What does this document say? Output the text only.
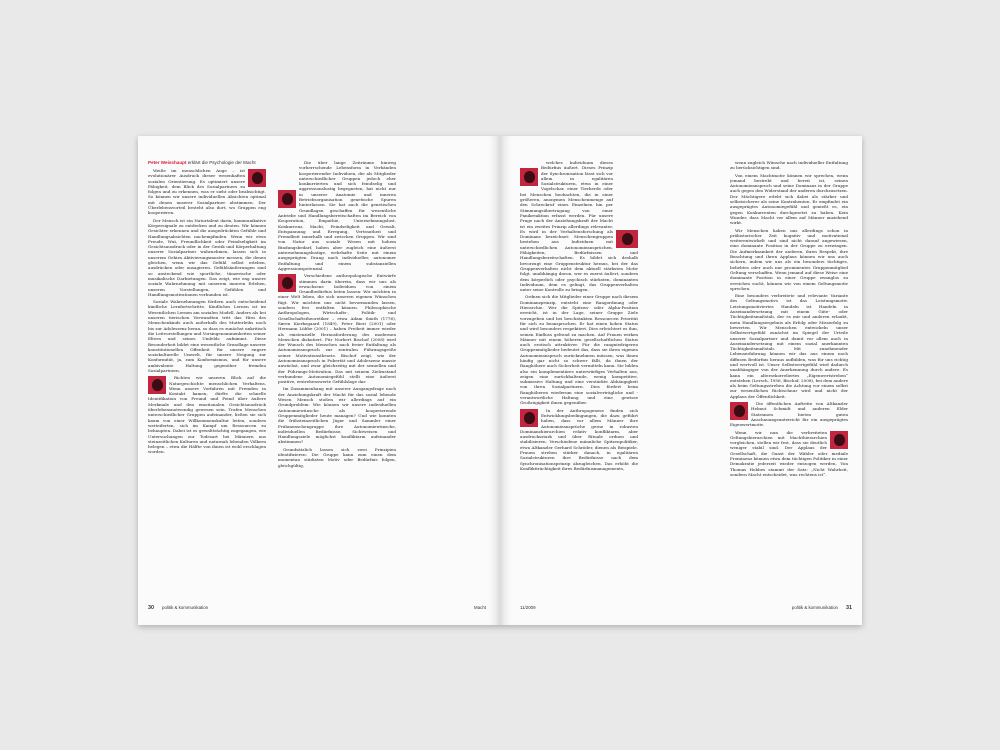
Peter Weisshaupt erklärt die Psychologie der Macht

Weiße im menschlichen Auge – ist evolutionärer Ausdruck dieser wesenhaften sozialen Orientierung. Es optimiert unsere Fähigkeit, dem Blick des Sozialpartners zu folgen und zu erkennen, was er sieht oder beabsichtigt. So können wir unsere individuellen Absichten optimal mit denen unserer Sozialpartner abstimmen. Der Überlebensvorteil besteht also dort, wo Gruppen eng kooperieren.

Der Mensch ist ein Naturtalent darin, kommunikative Körpersignale zu entdecken und zu deuten. Wir können Gesichter erkennen und die ausgedrückten Gefühle und Handlungsabsichten nachempfinden. Wenn wir etwa Freude, Wut, Freundlichkeit oder Feindseligkeit im Gesichtsausdruck oder in der Gestik und Körperhaltung unserer Sozialpartner wahrnehmen, lassen sich in unserem Gehirn Aktivierungsmuster messen, die denen gleichen, wenn wir das Gefühl selbst erleben, ausdrücken oder ausagieren. Gefühlsäußerungen sind so ansteckend wie sportliche, tänzerische oder musikalische Darbietungen. Das zeigt, wie eng unsere soziale Wahrnehmung mit unserem inneren Erleben, unseren Vorstellungen, Gefühlen und Handlungsmotivationen verbunden ist.

Soziale Wahrnehmungen fördern auch entscheidend kindliche Lernfortschritte. Kindliches Lernen ist im Wesentlichen Lernen am sozialen Modell. Anders als bei unseren tierischen Verwandten tritt das Hirn des Menschenkinds auch außerhalb des Mutterleibs noch bis zur Adoleszenz heran, so dass es zunächst unkritisch die Leitvorstellungen und Vorsingenommenheiten seiner Eltern und seines Umfelds aufnimmt. Diese Besonderheit bildet eine wesentliche Grundlage unserer konstitutionellen Offenheit für unsere engere soziokulturelle Umwelt, für unsere Neigung zur Konformität, ja, zum Konformismus, und für unsere ambivalente Haltung gegenüber fremden Sozialpartnern.

Richten wir unseren Blick auf die Naturgeschichte menschlichen Verhaltens. Wenn unsere Vorfahren mit Fremden in Kontakt kamen, dürfte die schnelle Identifikation von Freund und Feind über äußere Merkmale und den emotionalen Gesichtsausdruck überlebensnotwendig gewesen sein. Trafen Menschen unterschiedlicher Gruppen aufeinander, ließen sie sich kaum von einer Willkommenskultur leiten, sondern wetteiferten, sich im Kampf um Ressourcen zu behaupten. Dabei ist es gewaltträchtig zugegangen, wie Untersuchungen zur Todesart bei Männern aus steinzeitlichen Kulturen und naturnah lebenden Völkern belegen – etwa die Hälfte von ihnen ist wohl erschlagen worden.

Die über lange Zeiträume hinweg vorherrschende Lebensform in Verbänden kooperierender Individuen, die als Mitglieder unterschiedlicher Gruppen jedoch eher konkurrierten und sich feindselig und aggressionslustig begegneten, hat nicht nur in unserer Anatomie und inneren Betriebsorganisation genetische Spuren hinterlassen. Sie hat auch die genetischen Grundlagen geschaffen für wesentliche Antriebe und Handlungsbereitschaften im Bereich von Kooperation, Empathie, Unternehmungslust, Konkurrenz, Macht, Feindseligkeit und Gewalt, Entspannung und Erregung, Vertrautheit und Fremdheit innerhalb und zwischen Gruppen. Wir sind von Natur aus soziale Wesen mit hohem Bindungsbedarf, haben aber zugleich eine äußerst unternehmungslustige, wehrhafte Seite mit einem ausgeprägten Drang nach individueller, autonomer Entfaltung und einem substanziellen Aggressionspotenzial.

Verschiedene anthropologische Entwürfe stimmen darin überein, dass wir uns als erwachsene Individuen von einem Grundbedürfnis leiten lassen: Wir möchten in einer Welt leben, die sich unseren eigenen Wünschen fügt. Wir möchten uns nicht bevormunden lassen, sondern frei entfalten können. Philosophische Anthropologen, Wirtschafts-, Politik- und Gesellschaftstheoretiker – etwa Adam Smith (1776), Søren Kierkegaard (1849), Peter Bieri (2001) oder Hermann Lübbe (2001) – haben Freiheit immer wieder als existenzielle Herausforderung des modernen Menschen diskutiert. Für Norbert Bischof (2008) wird der Wunsch des Menschen nach freier Entfaltung als Autonomieanspruch zur zentralen Führungsgröße seiner Motivationstheorie. Bischof zeigt, wie der Autonomieanspruch in Pubertät und Adoleszenz massiv anwächst, und zwar gleichzeitig mit der sexuellen und der Führungs-Motivation. Das mit seinem Zielzustand verbundene Autonomiegefühl stellt eine äußerst positive, erstrebenswerte Gefühlslage dar.

Im Zusammenhang mit unserer Ausgangsfrage nach der Anziehungskraft der Macht für das sozial lebende Wesen Mensch stoßen wir allerdings auf ein Grundproblem: Wie können wir unsere individuellen Autonomiewünsche als kooperierende Gruppenmitglieder heute managen? Und wie konnten die frühsteinzeitlichen Jäger und Sammler einer Frühmenschengruppe ihre Autonomiewünsche, individuellen Bedürfnisse, Sichtweisen und Handlungsziele möglichst konfliktarm aufeinander abstimmen?

Grundsätzlich lassen sich zwei Prinzipien identifizieren: Die Gruppe kann zum einen dem momentan stärksten Motiv oder Bedürfnis folgen, gleichgültig,

30 politik & kommunikation	Macht

welches Individuum dieses Bedürfnis äußert. Dieses Prinzip der Synchronisation lässt sich vor allem in egalitären Sozialstrukturen, etwa in einer Vogelschar, einer Tierherde oder bei Menschen beobachten, die in einer größeren, anonymen Menschenmenge auf den Schreckruf eines Einzelnen hin per Stimmungsübertragung von einer Panikreaktion erfasst werden. Für unsere Frage nach der Anziehungskraft der Macht ist ein zweites Prinzip allerdings relevanter. Es wird in der Verhaltensforschung als Dominanz bezeichnet: Menschengruppen bestehen aus Individuen mit unterschiedlichen Autonomieansprüchen, Fähigkeiten, Bedürfnissen und Handlungsbereitschaften. Es bildet sich deshalb bevorzugt eine Gruppenstruktur heraus, bei der das Gruppenverhalten nicht dem aktuell stärksten Motiv folgt, unabhängig davon, wer es zuerst äußert, sondern dem körperlich oder psychisch stärksten, dominanten Individuum, dem es gelingt, das Gruppenverhalten unter seine Kontrolle zu bringen.

Ordnen sich die Mitglieder einer Gruppe nach diesem Dominanzprinzip, entsteht eine Rangordnung oder Hierarchie. Wer die Spitzen- oder Alpha-Position erreicht, ist in der Lage, seiner Gruppe Ziele vorzugeben und bei beschränkten Ressourcen Priorität für sich zu beanspruchen. Er hat einen hohen Status und wird besonders respektiert. Dies erleichtert es ihm, seinen Einfluss geltend zu machen. Auf Frauen wirken Männer mit einem höheren gesellschaftlichen Status auch erotisch attraktiver. Für die rangniedrigeren Gruppenmitglieder bedeutet das, dass sie ihren eigenen Autonomieanspruch zurücknehmen müssen, was ihnen häufig gar nicht so schwer fällt, da ihnen der Ranghöhere auch Sicherheit vermitteln kann. Sie bilden also ein komplementäres unterwürfiges Verhalten aus, zeigen eine zurückhaltende, wenig kompetitive, submissive Haltung und eine verstärkte Abhängigkeit von ihren Sozialpartnern. Dies fördert beim Ranghöheren wiederum eine sozialverträgliche und -verantwortliche Haltung und eine gewisse Großzügigkeit ihnen gegenüber.

In der Anthropogenese finden sich Entwicklungsbedingungen, die dazu geführt haben, dass vor allem Männer ihre Autonomieansprüche gerne in robusten Dominanzhierarchien relativ konfliktarm, aber ausdrucksstark und über Rituale ordnen und stabilisieren. Verschiedene männliche Spitzenpolitiker, etwa Altkanzler Gerhard Schröder, dienen als Beispiele. Frauen streben stärker danach, in egalitären Sozialstrukturen ihre Bedürfnisse nach dem Synchronisationsprinzip abzugleichen. Das erhöht die Konfliktträchtigkeit ihres Bedürfnismanagements,

wenn zugleich Wünsche nach individueller Entfaltung zu berücksichtigen sind.

Von einem Machtmotiv können wir sprechen, wenn jemand bestrebt und bereit ist, seinen Autonomieanspruch und seine Dominanz in der Gruppe auch gegen den Widerstand der anderen durchzusetzen. Der Mächtigere erlebt sich dabei als stärker und selbstsicherer als seine Kontrahenten. Er empfindet ein ausgeprägtes Autonomiegefühl und genießt es, ein gegen Konkurrenten durchgesetzt zu haben. Kein Wunder, dass Macht vor allem auf Männer anziehend wirkt.

Wir Menschen haben uns allerdings schon in prähistorischer Zeit kognitiv und motivational weiterentwickelt und sind nicht darauf angewiesen, eine dominante Position in der Gruppe zu erzwingen. Die Aufmerksamkeit der anderen, ihren Respekt, ihre Beachtung und ihren Applaus können wir uns auch sichern, indem wir uns als ein besonders tüchtiges, beliebtes oder auch nur prominentes Gruppenmitglied Geltung verschaffen. Wenn jemand auf diese Weise eine dominante Position in einer Gruppe zwanglos zu erreichen sucht, können wir von einem Geltungsmotiv sprechen.

Eine besonders verbreitete und relevante Variante des Geltungsmotivs ist das Leistungsmotiv. Leistungsmotiviertes Handeln ist Handeln in Auseinandersetzung mit einem Güte- oder Tüchtigkeitsmaßstab, der es mir und anderen erlaubt, mein Handlungsergebnis als Erfolg oder Misserfolg zu bewerten. Wir Menschen entwickeln unser Selbstwertgefühl zunächst im Spiegel der Urteile unserer Sozialpartner und damit vor allem auch in Auseinandersetzung mit einem sozial anerkannten Tüchtigkeitsmaßstab. Mit zunehmender Lebenserfahrung können wir das aus einem noch diffusen Bedürfnis heraus aufbilden, was für uns richtig und wertvoll ist. Unser Selbstwertgefühl wird dadurch unabhängiger von der Anerkennung durch andere. Es kann ein altersekorreliertes „Eigenwertstreben“ entstehen (Lersch, 1956, Bischof, 2008), bei dem andere als beim Geltungsstreben die Achtung vor einem selbst zur wesentlichen Richtschnur wird und nicht der Applaus der Öffentlichkeit.

Die öffentlichen Auftritte von Altkanzler Helmut Schmidt und anderen Elder Statesmen bieten guten Anschauungsunterricht für ein ausgeprägtes Eigenwertmotiv.

Wenn wir nun die verbreiteten Geltungshierarchien mit Machthierarchien vergleichen, stellen wir fest, dass sie deutlich weniger stabil sind. Der Applaus der Gesellschaft, die Gunst der Wähler oder mediale Prominenz können etwa dem tüchtigen Politiker in einer Demokratie jederzeit wieder entzogen werden. Von Thomas Hobbes stammt der Satz: „Nicht Wahrheit, sondern Macht entscheidet, was rechtens ist“.

11/2009	politik & kommunikation 31
